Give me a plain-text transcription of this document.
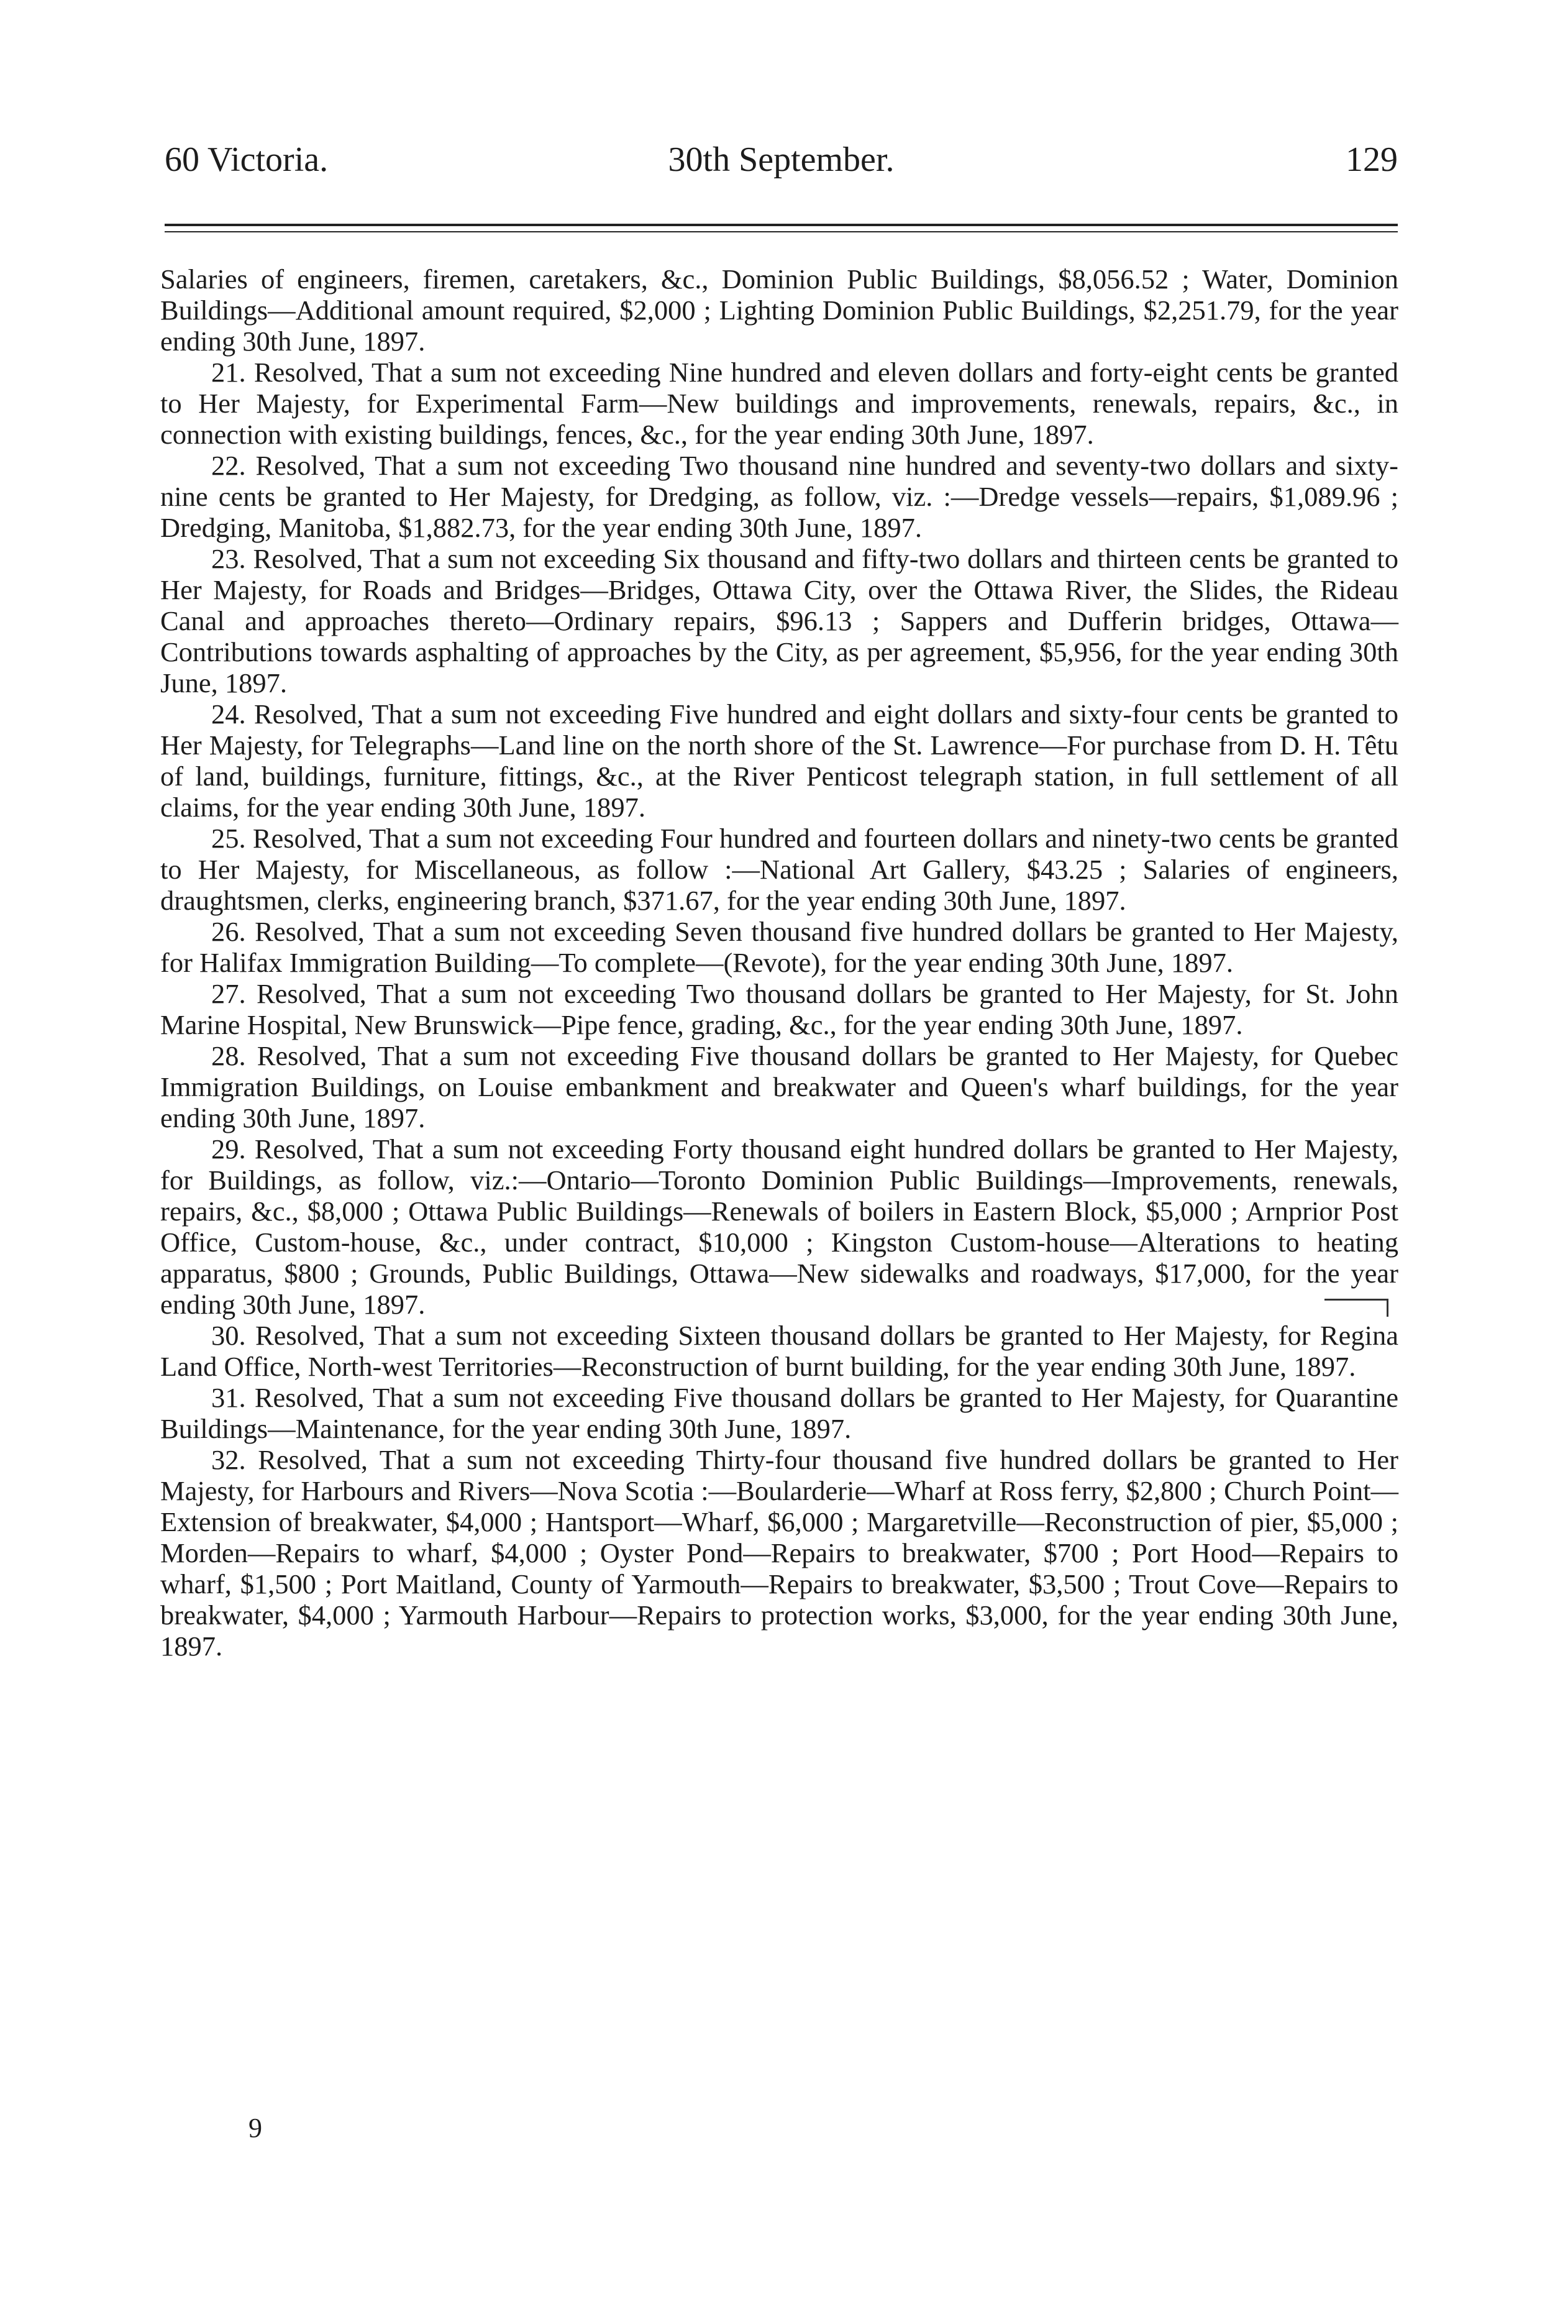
60 Victoria.	30th September.	129

Salaries of engineers, firemen, caretakers, &c., Dominion Public Buildings, $8,056.52 ; Water, Dominion Buildings—Additional amount required, $2,000 ; Lighting Dominion Public Buildings, $2,251.79, for the year ending 30th June, 1897.

21. Resolved, That a sum not exceeding Nine hundred and eleven dollars and forty-eight cents be granted to Her Majesty, for Experimental Farm—New buildings and improvements, renewals, repairs, &c., in connection with existing buildings, fences, &c., for the year ending 30th June, 1897.

22. Resolved, That a sum not exceeding Two thousand nine hundred and seventy-two dollars and sixty-nine cents be granted to Her Majesty, for Dredging, as follow, viz. :—Dredge vessels—repairs, $1,089.96 ; Dredging, Manitoba, $1,882.73, for the year ending 30th June, 1897.

23. Resolved, That a sum not exceeding Six thousand and fifty-two dollars and thirteen cents be granted to Her Majesty, for Roads and Bridges—Bridges, Ottawa City, over the Ottawa River, the Slides, the Rideau Canal and approaches thereto—Ordinary repairs, $96.13 ; Sappers and Dufferin bridges, Ottawa—Contributions towards asphalting of approaches by the City, as per agreement, $5,956, for the year ending 30th June, 1897.

24. Resolved, That a sum not exceeding Five hundred and eight dollars and sixty-four cents be granted to Her Majesty, for Telegraphs—Land line on the north shore of the St. Lawrence—For purchase from D. H. Têtu of land, buildings, furniture, fittings, &c., at the River Penticost telegraph station, in full settlement of all claims, for the year ending 30th June, 1897.

25. Resolved, That a sum not exceeding Four hundred and fourteen dollars and ninety-two cents be granted to Her Majesty, for Miscellaneous, as follow :—National Art Gallery, $43.25 ; Salaries of engineers, draughtsmen, clerks, engineering branch, $371.67, for the year ending 30th June, 1897.

26. Resolved, That a sum not exceeding Seven thousand five hundred dollars be granted to Her Majesty, for Halifax Immigration Building—To complete—(Revote), for the year ending 30th June, 1897.

27. Resolved, That a sum not exceeding Two thousand dollars be granted to Her Majesty, for St. John Marine Hospital, New Brunswick—Pipe fence, grading, &c., for the year ending 30th June, 1897.

28. Resolved, That a sum not exceeding Five thousand dollars be granted to Her Majesty, for Quebec Immigration Buildings, on Louise embankment and breakwater and Queen's wharf buildings, for the year ending 30th June, 1897.

29. Resolved, That a sum not exceeding Forty thousand eight hundred dollars be granted to Her Majesty, for Buildings, as follow, viz.:—Ontario—Toronto Dominion Public Buildings—Improvements, renewals, repairs, &c., $8,000 ; Ottawa Public Buildings—Renewals of boilers in Eastern Block, $5,000 ; Arnprior Post Office, Custom-house, &c., under contract, $10,000 ; Kingston Custom-house—Alterations to heating apparatus, $800 ; Grounds, Public Buildings, Ottawa—New sidewalks and roadways, $17,000, for the year ending 30th June, 1897.

30. Resolved, That a sum not exceeding Sixteen thousand dollars be granted to Her Majesty, for Regina Land Office, North-west Territories—Reconstruction of burnt building, for the year ending 30th June, 1897.

31. Resolved, That a sum not exceeding Five thousand dollars be granted to Her Majesty, for Quarantine Buildings—Maintenance, for the year ending 30th June, 1897.

32. Resolved, That a sum not exceeding Thirty-four thousand five hundred dollars be granted to Her Majesty, for Harbours and Rivers—Nova Scotia :—Boularderie—Wharf at Ross ferry, $2,800 ; Church Point—Extension of breakwater, $4,000 ; Hantsport—Wharf, $6,000 ; Margaretville—Reconstruction of pier, $5,000 ; Morden—Repairs to wharf, $4,000 ; Oyster Pond—Repairs to breakwater, $700 ; Port Hood—Repairs to wharf, $1,500 ; Port Maitland, County of Yarmouth—Repairs to breakwater, $3,500 ; Trout Cove—Repairs to breakwater, $4,000 ; Yarmouth Harbour—Repairs to protection works, $3,000, for the year ending 30th June, 1897.

9
